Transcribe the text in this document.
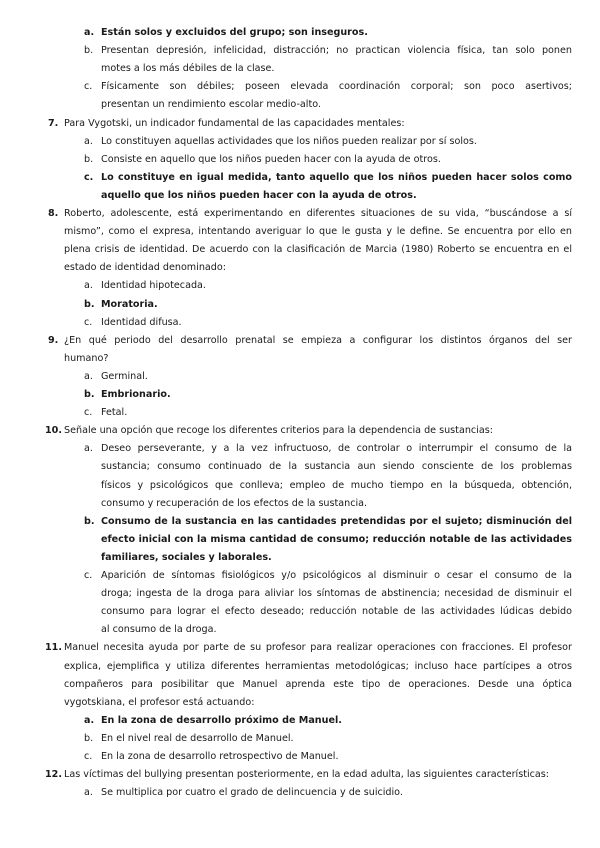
a. Están solos y excluidos del grupo; son inseguros.
b. Presentan depresión, infelicidad, distracción; no practican violencia física, tan solo ponen
motes a los más débiles de la clase.
c. Físicamente son débiles; poseen elevada coordinación corporal; son poco asertivos;
presentan un rendimiento escolar medio-alto.
7. Para Vygotski, un indicador fundamental de las capacidades mentales:
a. Lo constituyen aquellas actividades que los niños pueden realizar por sí solos.
b. Consiste en aquello que los niños pueden hacer con la ayuda de otros.
c. Lo constituye en igual medida, tanto aquello que los niños pueden hacer solos como
aquello que los niños pueden hacer con la ayuda de otros.
8. Roberto, adolescente, está experimentando en diferentes situaciones de su vida, “buscándose a sí
mismo”, como el expresa, intentando averiguar lo que le gusta y le define. Se encuentra por ello en
plena crisis de identidad. De acuerdo con la clasificación de Marcia (1980) Roberto se encuentra en el
estado de identidad denominado:
a. Identidad hipotecada.
b. Moratoria.
c. Identidad difusa.
9. ¿En qué periodo del desarrollo prenatal se empieza a configurar los distintos órganos del ser
humano?
a. Germinal.
b. Embrionario.
c. Fetal.
10. Señale una opción que recoge los diferentes criterios para la dependencia de sustancias:
a. Deseo perseverante, y a la vez infructuoso, de controlar o interrumpir el consumo de la
sustancia; consumo continuado de la sustancia aun siendo consciente de los problemas
físicos y psicológicos que conlleva; empleo de mucho tiempo en la búsqueda, obtención,
consumo y recuperación de los efectos de la sustancia.
b. Consumo de la sustancia en las cantidades pretendidas por el sujeto; disminución del
efecto inicial con la misma cantidad de consumo; reducción notable de las actividades
familiares, sociales y laborales.
c. Aparición de síntomas fisiológicos y/o psicológicos al disminuir o cesar el consumo de la
droga; ingesta de la droga para aliviar los síntomas de abstinencia; necesidad de disminuir el
consumo para lograr el efecto deseado; reducción notable de las actividades lúdicas debido
al consumo de la droga.
11. Manuel necesita ayuda por parte de su profesor para realizar operaciones con fracciones. El profesor
explica, ejemplifica y utiliza diferentes herramientas metodológicas; incluso hace partícipes a otros
compañeros para posibilitar que Manuel aprenda este tipo de operaciones. Desde una óptica
vygotskiana, el profesor está actuando:
a. En la zona de desarrollo próximo de Manuel.
b. En el nivel real de desarrollo de Manuel.
c. En la zona de desarrollo retrospectivo de Manuel.
12. Las víctimas del bullying presentan posteriormente, en la edad adulta, las siguientes características:
a. Se multiplica por cuatro el grado de delincuencia y de suicidio.
